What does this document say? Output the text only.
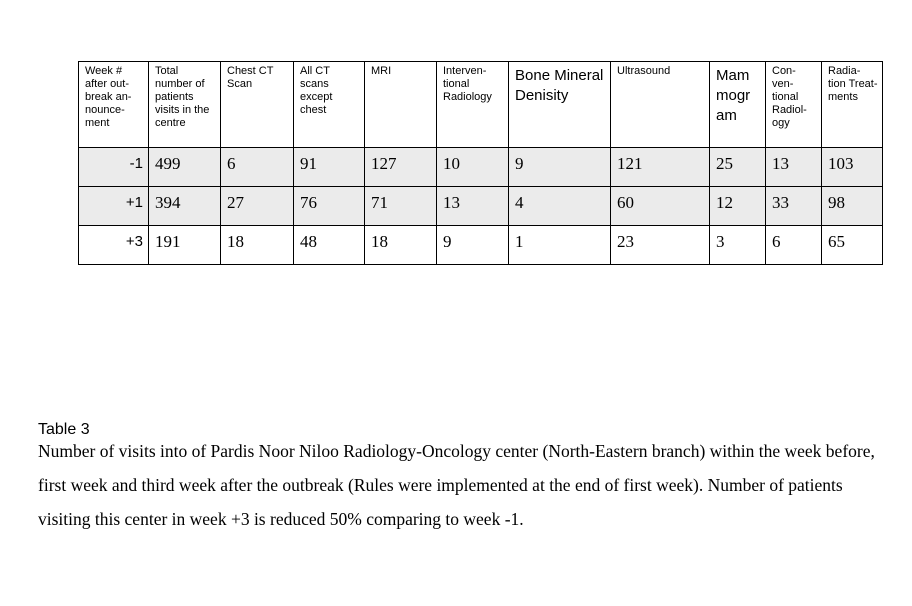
Week # after out-break an-nounce-ment	Total number of patients visits in the centre	Chest CT Scan	All CT scans except chest	MRI	Interven-tional Radiology	Bone Mineral Denisity	Ultrasound	Mam mogr am	Con-ven-tional Radiol-ogy	Radia-tion Treat-ments
-1	499	6	91	127	10	9	121	25	13	103
+1	394	27	76	71	13	4	60	12	33	98
+3	191	18	48	18	9	1	23	3	6	65

Table 3

Number of visits into of Pardis Noor Niloo Radiology-Oncology center (North-Eastern branch) within the week before, first week and third week after the outbreak (Rules were implemented at the end of first week). Number of patients visiting this center in week +3 is reduced 50% comparing to week -1.
